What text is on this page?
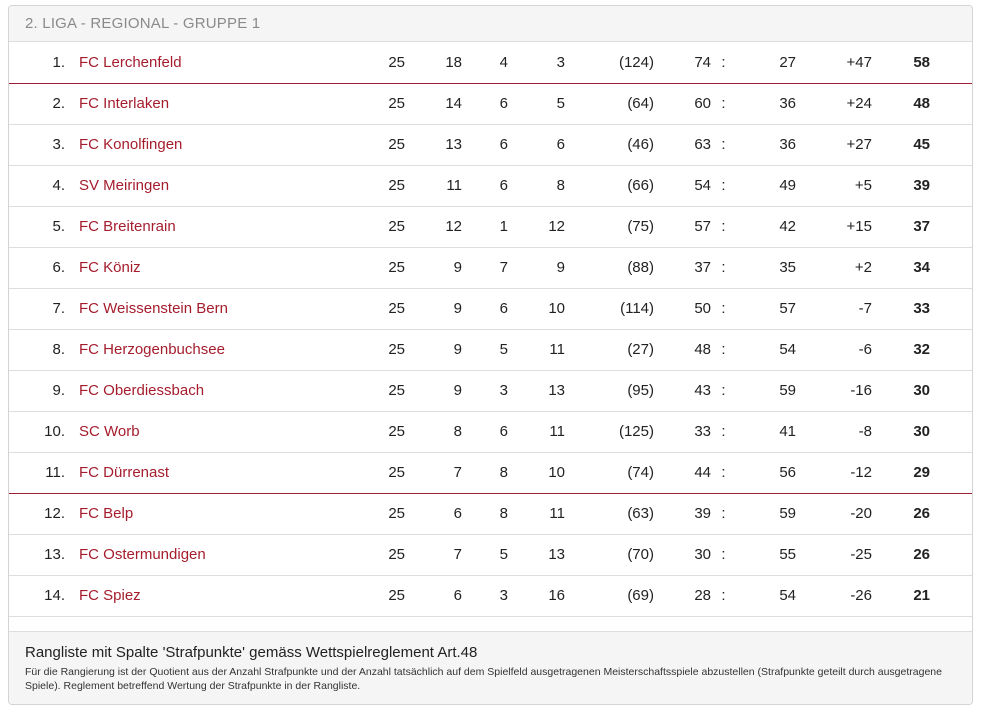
2. LIGA - REGIONAL - GRUPPE 1
1.	FC Lerchenfeld	25	18	4	3	(124)	74	:	27	+47	58	
2.	FC Interlaken	25	14	6	5	(64)	60	:	36	+24	48	
3.	FC Konolfingen	25	13	6	6	(46)	63	:	36	+27	45	
4.	SV Meiringen	25	11	6	8	(66)	54	:	49	+5	39	
5.	FC Breitenrain	25	12	1	12	(75)	57	:	42	+15	37	
6.	FC Köniz	25	9	7	9	(88)	37	:	35	+2	34	
7.	FC Weissenstein Bern	25	9	6	10	(114)	50	:	57	-7	33	
8.	FC Herzogenbuchsee	25	9	5	11	(27)	48	:	54	-6	32	
9.	FC Oberdiessbach	25	9	3	13	(95)	43	:	59	-16	30	
10.	SC Worb	25	8	6	11	(125)	33	:	41	-8	30	
11.	FC Dürrenast	25	7	8	10	(74)	44	:	56	-12	29	
12.	FC Belp	25	6	8	11	(63)	39	:	59	-20	26	
13.	FC Ostermundigen	25	7	5	13	(70)	30	:	55	-25	26	
14.	FC Spiez	25	6	3	16	(69)	28	:	54	-26	21	
Rangliste mit Spalte 'Strafpunkte' gemäss Wettspielreglement Art.48
Für die Rangierung ist der Quotient aus der Anzahl Strafpunkte und der Anzahl tatsächlich auf dem Spielfeld ausgetragenen Meisterschaftsspiele abzustellen (Strafpunkte geteilt durch ausgetragene Spiele). Reglement betreffend Wertung der Strafpunkte in der Rangliste.
